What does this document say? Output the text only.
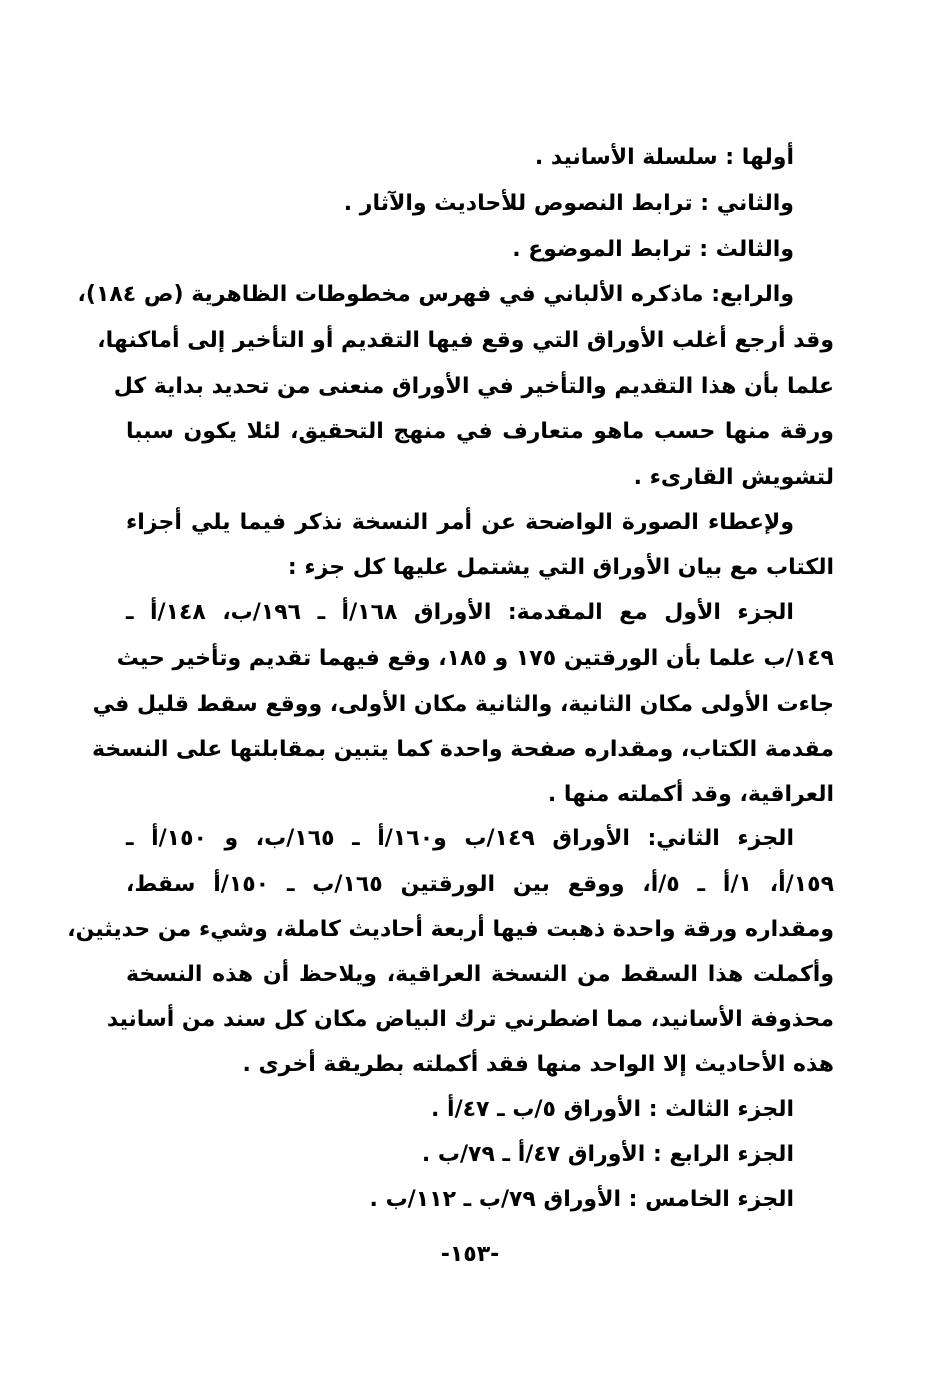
أولها : سلسلة الأسانيد .
والثاني : ترابط النصوص للأحاديث والآثار .
والثالث : ترابط الموضوع .
والرابع: ماذكره الألباني في فهرس مخطوطات الظاهرية (ص ١٨٤)،
وقد أرجع أغلب الأوراق التي وقع فيها التقديم أو التأخير إلى أماكنها،
علما بأن هذا التقديم والتأخير في الأوراق منعنى من تحديد بداية كل
ورقة منها حسب ماهو متعارف في منهج التحقيق، لئلا يكون سببا
لتشويش القارىء .
ولإعطاء الصورة الواضحة عن أمر النسخة نذكر فيما يلي أجزاء
الكتاب مع بيان الأوراق التي يشتمل عليها كل جزء :
الجزء الأول مع المقدمة: الأوراق ١٦٨/أ ـ ١٩٦/ب، ١٤٨/أ ـ
١٤٩/ب علما بأن الورقتين ١٧٥ و ١٨٥، وقع فيهما تقديم وتأخير حيث
جاءت الأولى مكان الثانية، والثانية مكان الأولى، ووقع سقط قليل في
مقدمة الكتاب، ومقداره صفحة واحدة كما يتبين بمقابلتها على النسخة
العراقية، وقد أكملته منها .
الجزء الثاني: الأوراق ١٤٩/ب و١٦٠/أ ـ ١٦٥/ب، و ١٥٠/أ ـ
١٥٩/أ، ١/أ ـ ٥/أ، ووقع بين الورقتين ١٦٥/ب ـ ١٥٠/أ سقط،
ومقداره ورقة واحدة ذهبت فيها أربعة أحاديث كاملة، وشيء من حديثين،
وأكملت هذا السقط من النسخة العراقية، ويلاحظ أن هذه النسخة
محذوفة الأسانيد، مما اضطرني ترك البياض مكان كل سند من أسانيد
هذه الأحاديث إلا الواحد منها فقد أكملته بطريقة أخرى .
الجزء الثالث : الأوراق ٥/ب ـ ٤٧/أ .
الجزء الرابع : الأوراق ٤٧/أ ـ ٧٩/ب .
الجزء الخامس : الأوراق ٧٩/ب ـ ١١٢/ب .
-١٥٣-
